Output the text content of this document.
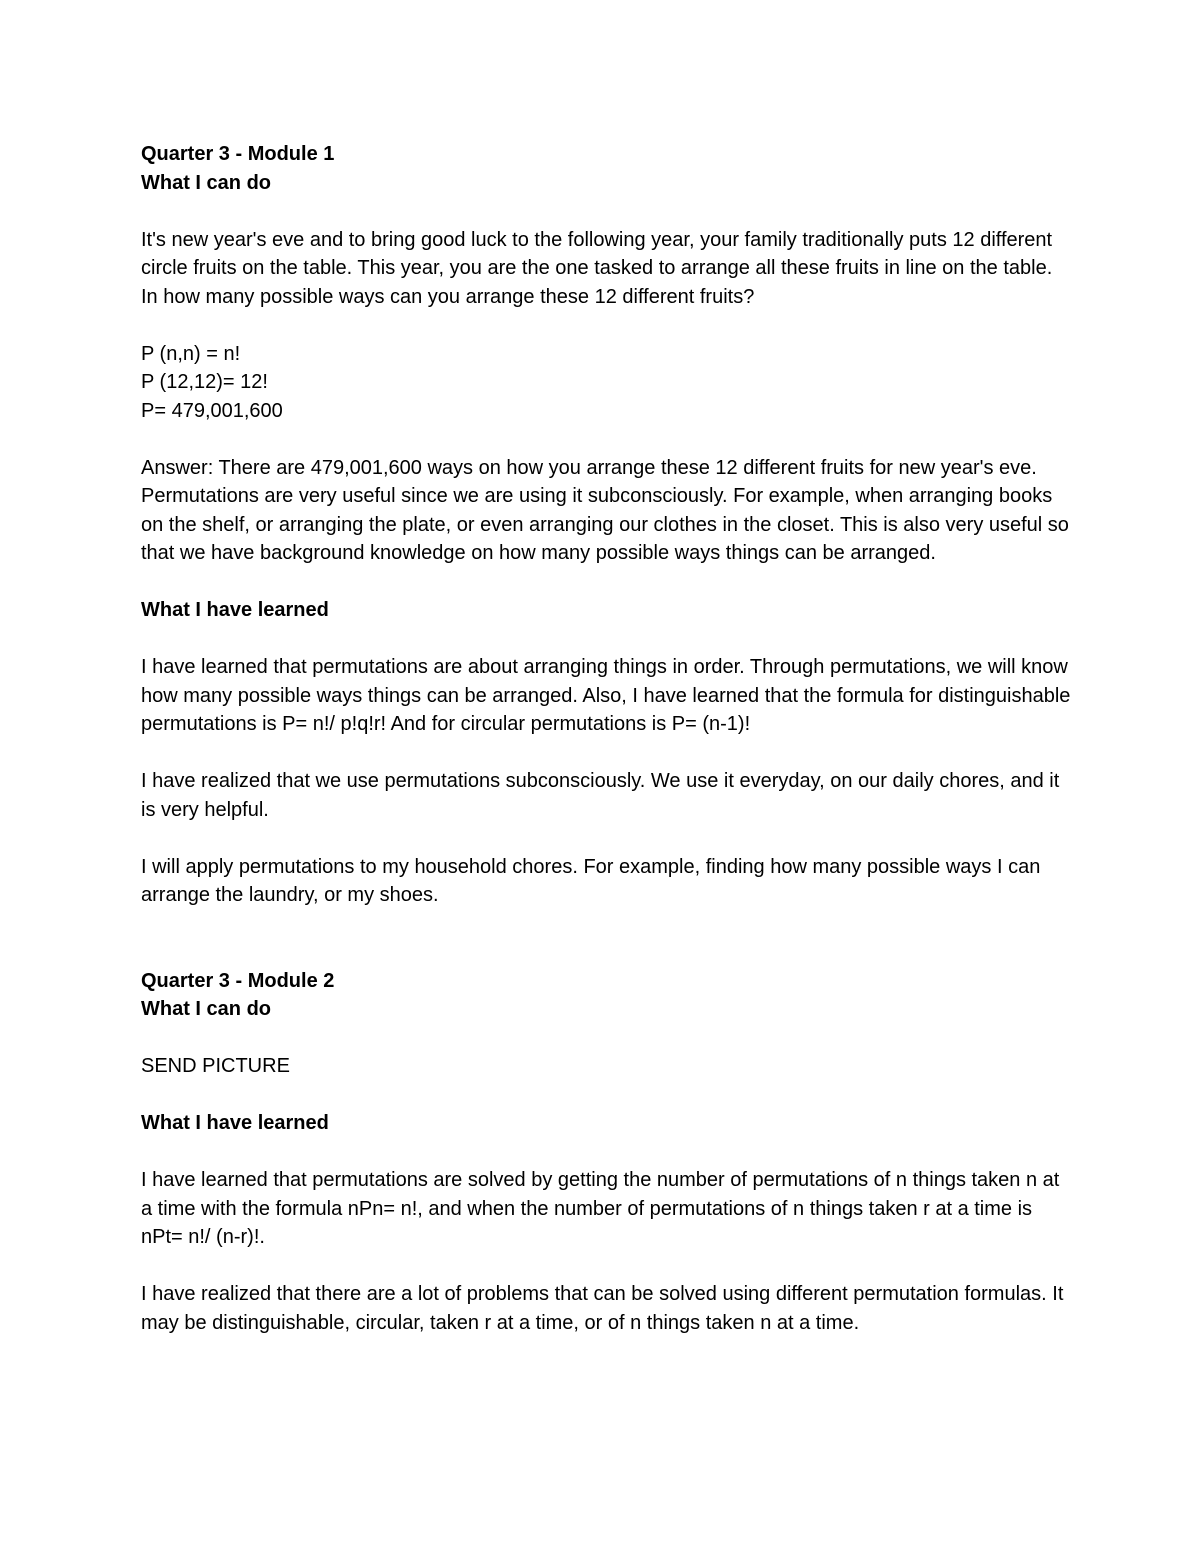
Quarter 3 - Module 1

What I can do

It's new year's eve and to bring good luck to the following year, your family traditionally puts 12 different circle fruits on the table. This year, you are the one tasked to arrange all these fruits in line on the table. In how many possible ways can you arrange these 12 different fruits?

P (n,n) = n!

P (12,12)= 12!

P= 479,001,600

Answer: There are 479,001,600 ways on how you arrange these 12 different fruits for new year's eve. Permutations are very useful since we are using it subconsciously. For example, when arranging books on the shelf, or arranging the plate, or even arranging our clothes in the closet. This is also very useful so that we have background knowledge on how many possible ways things can be arranged.

What I have learned

I have learned that permutations are about arranging things in order. Through permutations, we will know how many possible ways things can be arranged. Also, I have learned that the formula for distinguishable permutations is P= n!/ p!q!r! And for circular permutations is P= (n-1)!

I have realized that we use permutations subconsciously. We use it everyday, on our daily chores, and it is very helpful.

I will apply permutations to my household chores. For example, finding how many possible ways I can arrange the laundry, or my shoes.

Quarter 3 - Module 2

What I can do

SEND PICTURE

What I have learned

I have learned that permutations are solved by getting the number of permutations of n things taken n at a time with the formula nPn= n!, and when the number of permutations of n things taken r at a time is nPt= n!/ (n-r)!.

I have realized that there are a lot of problems that can be solved using different permutation formulas. It may be distinguishable, circular, taken r at a time, or of n things taken n at a time.
